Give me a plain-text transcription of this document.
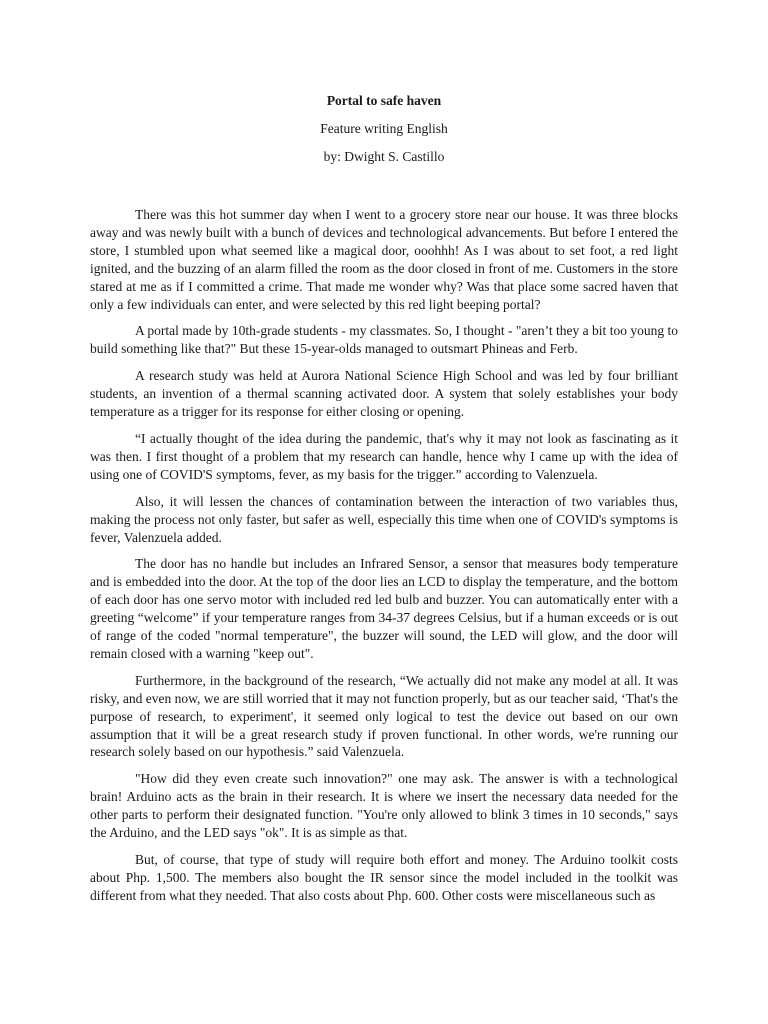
Portal to safe haven

Feature writing English

by: Dwight S. Castillo

There was this hot summer day when I went to a grocery store near our house. It was three blocks away and was newly built with a bunch of devices and technological advancements. But before I entered the store, I stumbled upon what seemed like a magical door, ooohhh! As I was about to set foot, a red light ignited, and the buzzing of an alarm filled the room as the door closed in front of me. Customers in the store stared at me as if I committed a crime. That made me wonder why? Was that place some sacred haven that only a few individuals can enter, and were selected by this red light beeping portal?

A portal made by 10th-grade students - my classmates. So, I thought - "aren’t they a bit too young to build something like that?" But these 15-year-olds managed to outsmart Phineas and Ferb.

A research study was held at Aurora National Science High School and was led by four brilliant students, an invention of a thermal scanning activated door. A system that solely establishes your body temperature as a trigger for its response for either closing or opening.

“I actually thought of the idea during the pandemic, that's why it may not look as fascinating as it was then. I first thought of a problem that my research can handle, hence why I came up with the idea of using one of COVID'S symptoms, fever, as my basis for the trigger.” according to Valenzuela.

Also, it will lessen the chances of contamination between the interaction of two variables thus, making the process not only faster, but safer as well, especially this time when one of COVID's symptoms is fever, Valenzuela added.

The door has no handle but includes an Infrared Sensor, a sensor that measures body temperature and is embedded into the door. At the top of the door lies an LCD to display the temperature, and the bottom of each door has one servo motor with included red led bulb and buzzer. You can automatically enter with a greeting “welcome” if your temperature ranges from 34-37 degrees Celsius, but if a human exceeds or is out of range of the coded "normal temperature", the buzzer will sound, the LED will glow, and the door will remain closed with a warning "keep out".

Furthermore, in the background of the research, “We actually did not make any model at all. It was risky, and even now, we are still worried that it may not function properly, but as our teacher said, ‘That's the purpose of research, to experiment', it seemed only logical to test the device out based on our own assumption that it will be a great research study if proven functional. In other words, we're running our research solely based on our hypothesis.” said Valenzuela.

"How did they even create such innovation?" one may ask. The answer is with a technological brain! Arduino acts as the brain in their research. It is where we insert the necessary data needed for the other parts to perform their designated function. "You're only allowed to blink 3 times in 10 seconds," says the Arduino, and the LED says "ok". It is as simple as that.

But, of course, that type of study will require both effort and money. The Arduino toolkit costs about Php. 1,500. The members also bought the IR sensor since the model included in the toolkit was different from what they needed. That also costs about Php. 600. Other costs were miscellaneous such as
